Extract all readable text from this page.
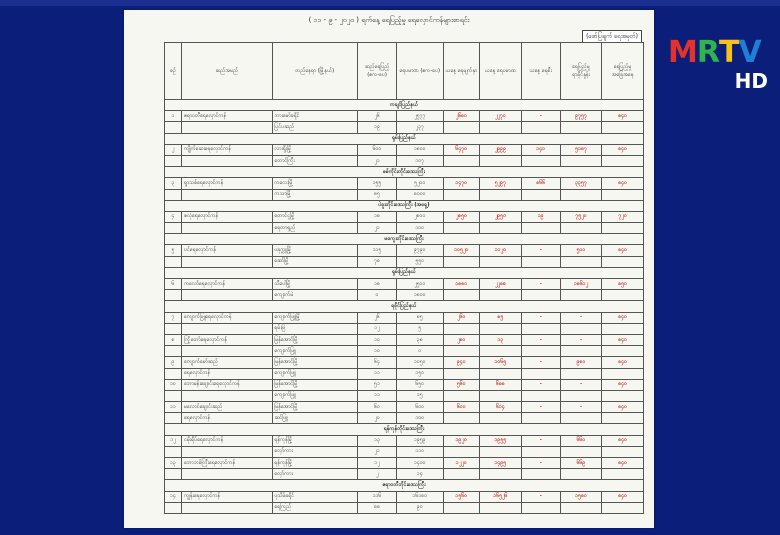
MRTV
HD
( ၁၁ - ၉ - ၂၀၂၀ ) ရက်နေ့ ရေပြည့်မှု ရေလှောင်ကန်များစာရင်း
(ဖော်ပြချက် ရေအမှတ်)
စဉ်	ဆည်အမည်	တည်နေရာ (မြို့နယ်)	ဆည်ရေပြည့် (ဧက-ပေ)	ရေပမာဏ (ဧက-ပေ)	ယနေ့ ရေမျက်နှာ	ယနေ့ ရေပမာဏ	ယနေ့ ရေစီး	ရေပြည့်မှု ရာခိုင်နှုန်း	ရေပြည့်မှု အခြေအနေ
ကချင်ပြည်နယ်									
၁	ဧရာဝတီရေလှောင်ကန်	ဘားမော်ခရိုင်	၂၆	၂၅၇၇	၂၆၈၀	၂၂၇၀	-	၉၇၅၇	၈၄၀
		ပြင်ပဆည်	၁၉	၂၃၇					
ရှမ်းပြည်နယ်									
၂	ကျိုက်ဆေးရေလှောင်ကန်	လားရှိုးမြို့	၆၀၀	၁၈၀၀	၆၄၇၀	၂၉၉၉	၁၄၀	၅၁၈၇	၈၄၀
		တောင်ကြီး	၂၁	၁၀၇					
စစ်ကိုင်းတိုင်းဒေသကြီး									
၃	ရွာသစ်ရေလှောင်ကန်	ကလေးမြို့	၁၅၅	၅၂၀၀	၁၄၇၀	၅၂၉၇	၈၆၆	၃၃၅၇	၈၄၀
		ကသာမြို့	၈၅	၈၀၀၀					
ပဲခူးတိုင်းဒေသကြီး (အရှေ့)									
၄	ဇလုံရေလှောင်ကန်	တောင်ငူမြို့	၁၈	၂၈၀၀	၂၈၅၀	၂၉၅၀	၁၉	၇၅၂၀	၇၂၀
		ရေတာရှည်	၂၁	၁၀၀					
မကွေးတိုင်းဒေသကြီး									
၅	ပင်ရေလှောင်ကန်	ပခုက္ကူမြို့	၁၁၅	၉၇၉၀	၁၀၅၂၀	၁၁၂၀	-	၅၀၀	၈၄၀
		ဆော်မြို့	၇၈	၅၅၀					
ရှမ်းပြည်နယ်									
၆	ကလော်ရေလှောင်ကန်	သီပေါမြို့	၁၈	၂၅၀၀	၁၈၈၀	၂၂၈၈	-	၁၈၆၁၂	၈၅၀
		ကျောက်မဲ	၀	၁၈၀၀					
ရခိုင်ပြည်နယ်									
၇	ကျောက်ဖြူရေလှောင်ကန်	ကျောက်ဖြူမြို့	၂၆	၈၅	၂၆၀	၈၅	-	-	၈၄၀
		ရမ်းဗြဲ	၁၂	၅					
၈	ကြို့တော်ရေလှောင်ကန်	မြန်အောင်မြို့	၁၀	၃၈	၂၈၀	၁၃	-	-	၈၄၀
		ကျောက်ဖြူ	၁၀	၀					
၉	ကျောက်မော်ဆည်	မြန်အောင်မြို့	၆၄	၁၀၅၀	၉၄၀	၁၀၆၅	-	၉၈၀	၈၄၀
	ရေလှောင်ကန်	ကျောက်ဖြူ	၁၁	၁၅၀					
၁၀	ဘောမန်းချောင်းရေလှောင်ကန်	မြန်အောင်မြို့	၅၁	၆၅၀	၅၆၀	၆၈၈	-	-	၈၄၀
		ကျောက်ဖြူ	၁၁	၁၅					
၁၁	မလောင်ချောင်းဆည်	မြန်အောင်မြို့	၆၀	၆၀၀	၆၀၀	၆၁၄	-	-	၈၄၀
	ရေလှောင်ကန်	ဆင်ဖြူ	၂၀	၁၀၀					
ရန်ကုန်တိုင်းဒေသကြီး									
၁၂	ငမိုးရိပ်ရေလှောင်ကန်	ရန်ကုန်မြို့	၁၃	၁၉၅၉	၁၉၂၀	၁၉၅၅	-	၆၆၀	၈၄၀
		လှော်ကား	၂၁	၁၁၀					
၁၃	ဘောဘစ်ကြီးရေလှောင်ကန်	ရန်ကုန်မြို့	၁၂	၁၄၀၀	၁၂၂၀	၁၄၉၅	-	၆၆၉	၈၄၀
		လှော်ကား	၂	၁၄					
ဧရာဝတီတိုင်းဒေသကြီး									
၁၄	ကျွန်းရေလှောင်ကန်	ပုသိမ်ခရိုင်	၁၁၆	၁၆၁၈၀	၁၅၆၀	၁၆၅၂၆	-	၁၅၈၀	၈၄၀
		ရေကြည်	၈၈	၉၀					
